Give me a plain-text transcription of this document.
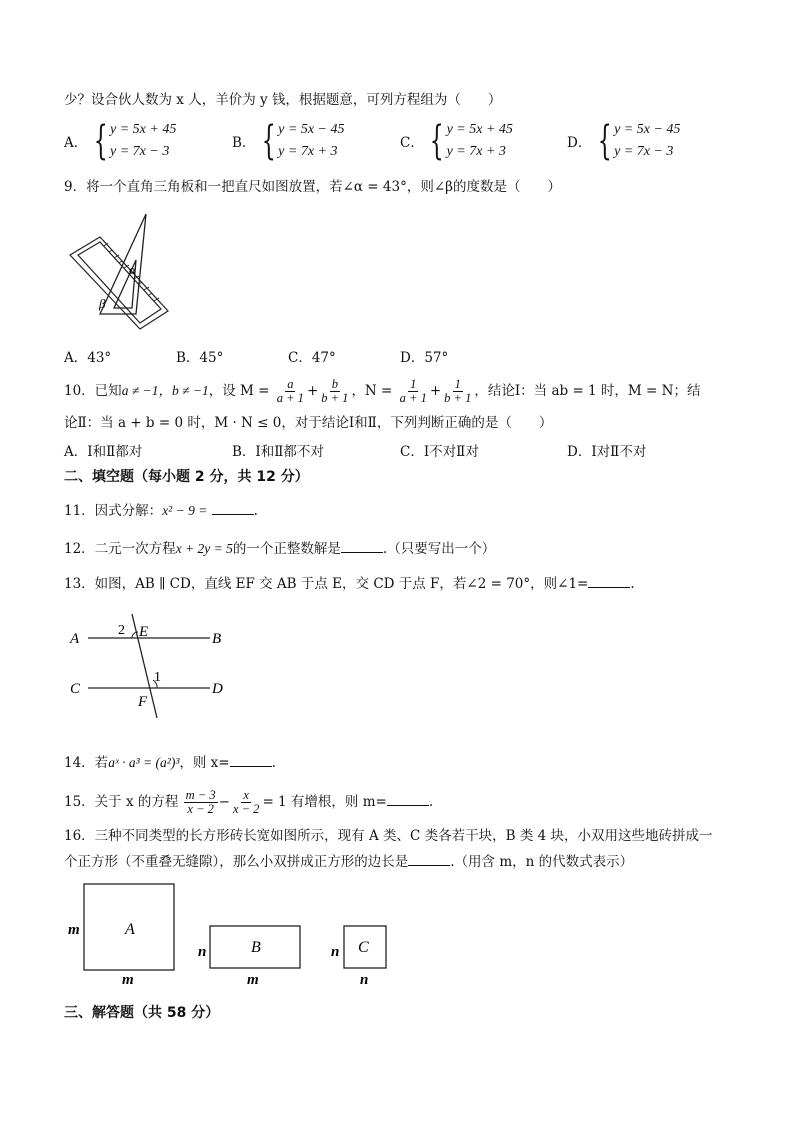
少？设合伙人数为 x 人，羊价为 y 钱，根据题意，可列方程组为（　　）
A． { y = 5x + 45
y = 7x − 3
B． { y = 5x − 45
y = 7x + 3
C． { y = 5x + 45
y = 7x + 3
D． { y = 5x − 45
y = 7x − 3
9．将一个直角三角板和一把直尺如图放置，若∠α = 43°，则∠β的度数是（　　）
α
β
A．43°	B．45°	C．47°	D．57°
10．已知a ≠ −1，b ≠ −1，设 $M = \frac{a}{a + 1} + \frac{b}{b + 1}$ ，$N = \frac{1}{a + 1} + \frac{1}{b + 1}$ ，结论Ⅰ：当 ab = 1 时，M = N；结
论Ⅱ：当 a + b = 0 时，M · N ≤ 0，对于结论Ⅰ和Ⅱ，下列判断正确的是（　　）
A．Ⅰ和Ⅱ都对	B．Ⅰ和Ⅱ都不对	C．Ⅰ不对Ⅱ对	D．Ⅰ对Ⅱ不对
二、填空题（每小题 2 分，共 12 分）
11．因式分解：x² − 9 =	.
12．二元一次方程x + 2y = 5的一个正整数解是	.（只要写出一个）
13．如图，AB ∥ CD，直线 EF 交 AB 于点 E，交 CD 于点 F，若∠2 = 70°，则∠1=	.
A	B
C	D
E
F
1
2
14．若aˣ · a³ = (a²)³，则 x=	.
15．关于 x 的方程 $\frac{m - 3}{x - 2} - \frac{x}{x - 2} = 1$ 有增根，则 m=	.
16．三种不同类型的长方形砖长宽如图所示，现有 A 类、C 类各若干块，B 类 4 块，小双用这些地砖拼成一
个正方形（不重叠无缝隙），那么小双拼成正方形的边长是	.（用含 m，n 的代数式表示）
A
m
m
B
n
m
C
n
n
三、解答题（共 58 分）
